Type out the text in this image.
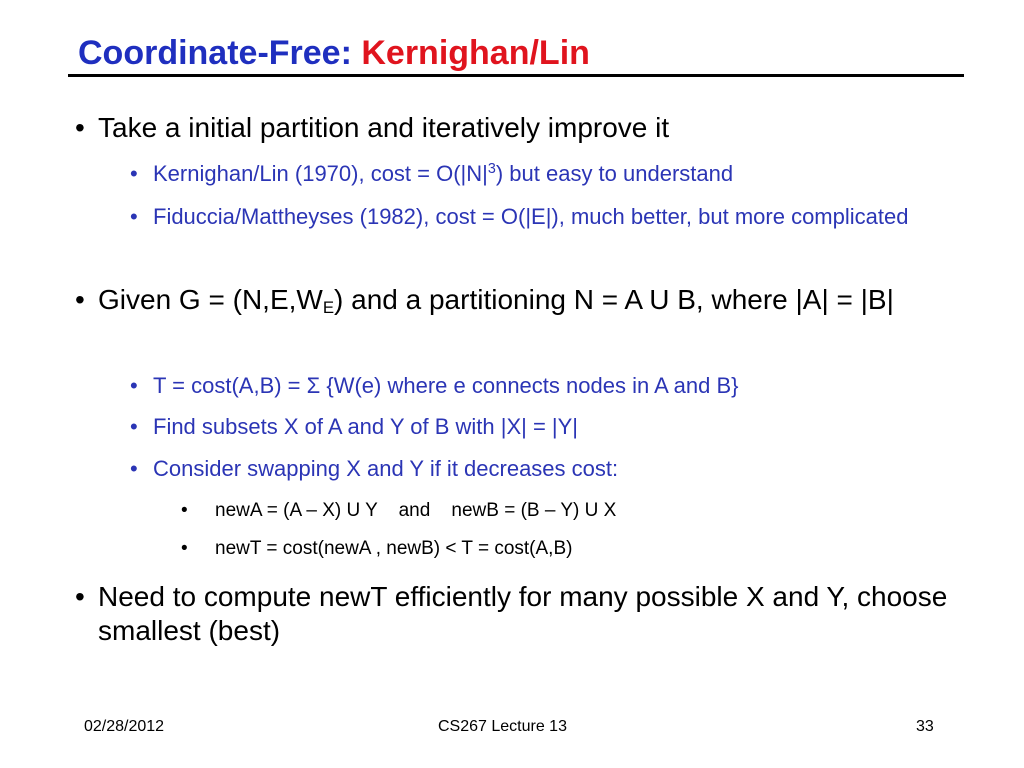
Coordinate-Free: Kernighan/Lin
• Take a initial partition and iteratively improve it
• Kernighan/Lin (1970), $\cos t = O(|N|^3)$ but easy to understand
• Fiduccia/Mattheyses (1982), cost = O(|E|), much better, but more complicated
• Given $G = (N,E,W_E)$ and a partitioning N = A U B, where |A| = |B|
• T = cost(A,B) = Σ {W(e) where e connects nodes in A and B}
• Find subsets X of A and Y of B with |X| = |Y|
• Consider swapping X and Y if it decreases cost:
•	newA = (A – X) U Y    and    newB = (B – Y) U X
•	newT = cost(newA , newB) < T = cost(A,B)
• Need to compute newT efficiently for many possible X and Y, choose smallest (best)
02/28/2012	CS267 Lecture 13	33
